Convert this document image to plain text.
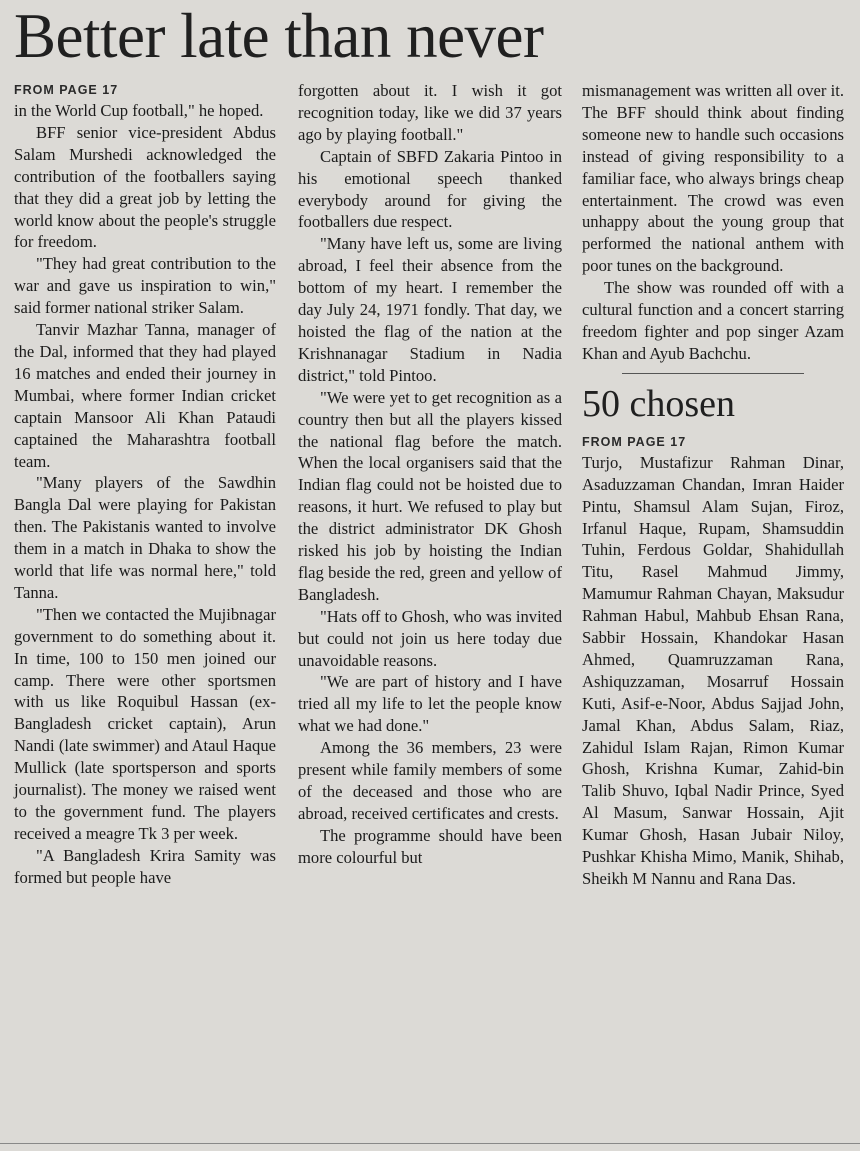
Better late than never
FROM PAGE 17

in the World Cup football," he hoped.

BFF senior vice-president Abdus Salam Murshedi acknowledged the contribution of the footballers saying that they did a great job by letting the world know about the people's struggle for freedom.

"They had great contribution to the war and gave us inspiration to win," said former national striker Salam.

Tanvir Mazhar Tanna, manager of the Dal, informed that they had played 16 matches and ended their journey in Mumbai, where former Indian cricket captain Mansoor Ali Khan Pataudi captained the Maharashtra football team.

"Many players of the Sawdhin Bangla Dal were playing for Pakistan then. The Pakistanis wanted to involve them in a match in Dhaka to show the world that life was normal here," told Tanna.

"Then we contacted the Mujibnagar government to do something about it. In time, 100 to 150 men joined our camp. There were other sportsmen with us like Roquibul Hassan (ex-Bangladesh cricket captain), Arun Nandi (late swimmer) and Ataul Haque Mullick (late sportsperson and sports journalist). The money we raised went to the government fund. The players received a meagre Tk 3 per week.

"A Bangladesh Krira Samity was formed but people have

forgotten about it. I wish it got recognition today, like we did 37 years ago by playing football."

Captain of SBFD Zakaria Pintoo in his emotional speech thanked everybody around for giving the footballers due respect.

"Many have left us, some are living abroad, I feel their absence from the bottom of my heart. I remember the day July 24, 1971 fondly. That day, we hoisted the flag of the nation at the Krishnanagar Stadium in Nadia district," told Pintoo.

"We were yet to get recognition as a country then but all the players kissed the national flag before the match. When the local organisers said that the Indian flag could not be hoisted due to reasons, it hurt. We refused to play but the district administrator DK Ghosh risked his job by hoisting the Indian flag beside the red, green and yellow of Bangladesh.

"Hats off to Ghosh, who was invited but could not join us here today due unavoidable reasons.

"We are part of history and I have tried all my life to let the people know what we had done."

Among the 36 members, 23 were present while family members of some of the deceased and those who are abroad, received certificates and crests.

The programme should have been more colourful but

mismanagement was written all over it. The BFF should think about finding someone new to handle such occasions instead of giving responsibility to a familiar face, who always brings cheap entertainment. The crowd was even unhappy about the young group that performed the national anthem with poor tunes on the background.

The show was rounded off with a cultural function and a concert starring freedom fighter and pop singer Azam Khan and Ayub Bachchu.

50 chosen
FROM PAGE 17

Turjo, Mustafizur Rahman Dinar, Asaduzzaman Chandan, Imran Haider Pintu, Shamsul Alam Sujan, Firoz, Irfanul Haque, Rupam, Shamsuddin Tuhin, Ferdous Goldar, Shahidullah Titu, Rasel Mahmud Jimmy, Mamumur Rahman Chayan, Maksudur Rahman Habul, Mahbub Ehsan Rana, Sabbir Hossain, Khandokar Hasan Ahmed, Quamruzzaman Rana, Ashiquzzaman, Mosarruf Hossain Kuti, Asif-e-Noor, Abdus Sajjad John, Jamal Khan, Abdus Salam, Riaz, Zahidul Islam Rajan, Rimon Kumar Ghosh, Krishna Kumar, Zahid-bin Talib Shuvo, Iqbal Nadir Prince, Syed Al Masum, Sanwar Hossain, Ajit Kumar Ghosh, Hasan Jubair Niloy, Pushkar Khisha Mimo, Manik, Shihab, Sheikh M Nannu and Rana Das.
